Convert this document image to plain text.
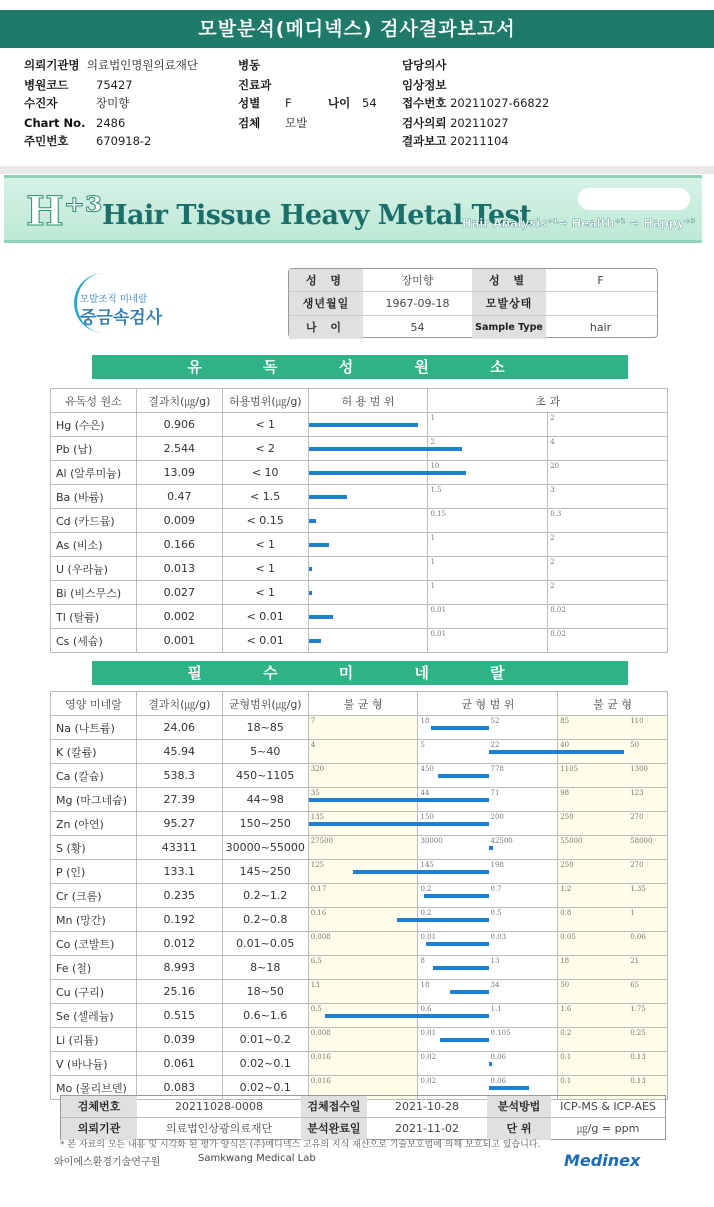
모발분석(메디넥스) 검사결과보고서
의뢰기관명 의료법인명원의료재단
병원코드 75427
수진자	장미향
Chart No. 2486
주민번호 670918-2
병동
진료과
성별 F	나이 54
검체 모발
담당의사
임상정보
접수번호 20211027-66822
검사의뢰 20211027
결과보고 20211104
H⁺³ Hair Tissue Heavy Metal Test
Hair Analysis⁺¹→ Health⁺² → Happy⁺³
모발조직 미네랄
중금속검사
성 명	장미향	성 별	F
생년월일	1967-09-18	모발상태
나 이	54	Sample Type	hair
유 독 성 원 소
유독성 원소	결과치(㎍/g)	허용범위(㎍/g)	허 용 범 위	초 과	
Hg (수은)	0.906	< 1		1	2

Pb (납)	2.544	< 2		2	4

Al (알루미늄)	13.09	< 10		10	20

Ba (바륨)	0.47	< 1.5		1.5	3

Cd (카드뮴)	0.009	< 0.15		0.15	0.3

As (비소)	0.166	< 1		1	2

U (우라늄)	0.013	< 1		1	2

Bi (비스무스)	0.027	< 1		1	2

Tl (탈륨)	0.002	< 0.01		0.01	0.02

Cs (세슘)	0.001	< 0.01		0.01	0.02
필 수 미 네 랄
영양 미네랄	결과치(㎍/g)	균형범위(㎍/g)	불 균 형	균 형 범 위	불 균 형
Na (나트륨)	24.06	18~85	7	18 52	85 110

K (칼륨)	45.94	5~40	4	5 22	40 50

Ca (칼슘)	538.3	450~1105	320	450 778	1105 1300

Mg (마그네슘)	27.39	44~98	35	44 71	98 123

Zn (아연)	95.27	150~250	135	150 200	250 270

S (황)	43311	30000~55000	27500	30000 42500	55000 58000

P (인)	133.1	145~250	125	145 198	250 270

Cr (크롬)	0.235	0.2~1.2	0.17	0.2 0.7	1.2 1.35

Mn (망간)	0.192	0.2~0.8	0.16	0.2 0.5	0.8 1

Co (코발트)	0.012	0.01~0.05	0.008	0.01 0.03	0.05 0.06

Fe (철)	8.993	8~18	6.5	8 13	18 21

Cu (구리)	25.16	18~50	13	18 34	50 65

Se (셀레늄)	0.515	0.6~1.6	0.5	0.6 1.1	1.6 1.75

Li (리튬)	0.039	0.01~0.2	0.008	0.01 0.105	0.2 0.25

V (바나듐)	0.061	0.02~0.1	0.016	0.02 0.06	0.1 0.13

Mo (몰리브덴)	0.083	0.02~0.1	0.016	0.02 0.06	0.1 0.13
검체번호	20211028-0008	검체접수일	2021-10-28	분석방법	ICP-MS & ICP-AES
의뢰기관	의료법인상광의료재단	분석완료일	2021-11-02	단 위	㎍/g = ppm
* 본 자료의 모든 내용 및 시각화 된 평가 양식은 (주)메디넥스 고유의 지식 재산으로 기술보호법에 의해 보호되고 있습니다.
와이에스환경기술연구원	Samkwang Medical Lab	Medinex
